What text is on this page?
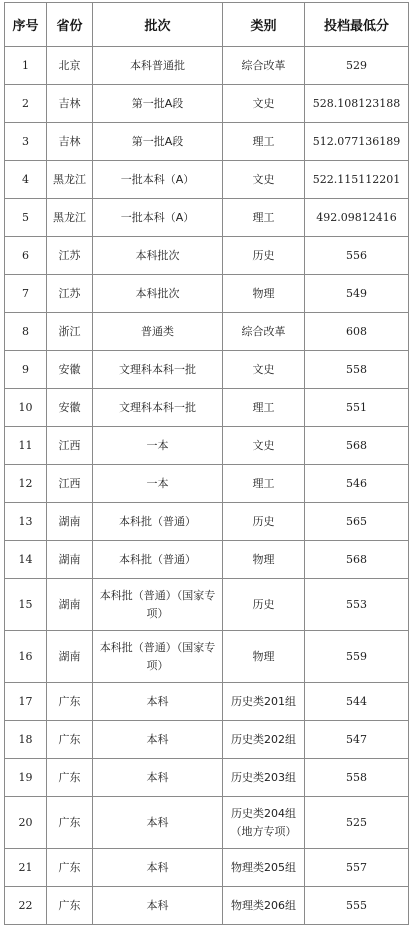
序号	省份	批次	类别	投档最低分
1	北京	本科普通批	综合改革	529
2	吉林	第一批A段	文史	528.108123188
3	吉林	第一批A段	理工	512.077136189
4	黑龙江	一批本科（A）	文史	522.115112201
5	黑龙江	一批本科（A）	理工	492.09812416
6	江苏	本科批次	历史	556
7	江苏	本科批次	物理	549
8	浙江	普通类	综合改革	608
9	安徽	文理科本科一批	文史	558
10	安徽	文理科本科一批	理工	551
11	江西	一本	文史	568
12	江西	一本	理工	546
13	湖南	本科批（普通）	历史	565
14	湖南	本科批（普通）	物理	568
15	湖南	本科批（普通）（国家专项）	历史	553
16	湖南	本科批（普通）（国家专项）	物理	559
17	广东	本科	历史类201组	544
18	广东	本科	历史类202组	547
19	广东	本科	历史类203组	558
20	广东	本科	历史类204组（地方专项）	525
21	广东	本科	物理类205组	557
22	广东	本科	物理类206组	555
